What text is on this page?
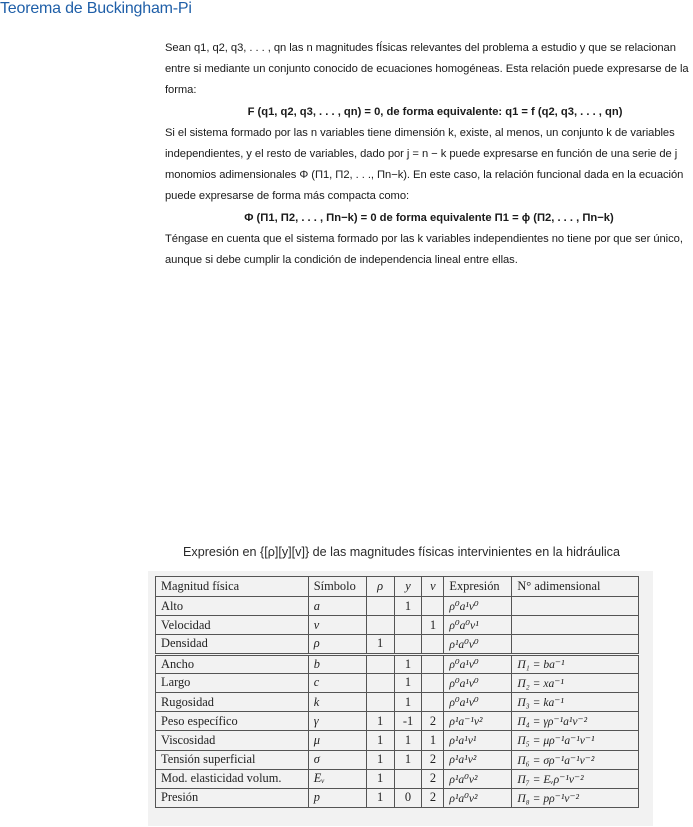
Teorema de Buckingham-Pi

Sean q1, q2, q3, . . . , qn las n magnitudes fÍsicas relevantes del problema a estudio y que se relacionan entre si mediante un conjunto conocido de ecuaciones homogéneas. Esta relación puede expresarse de la forma:

F (q1, q2, q3, . . . , qn) = 0, de forma equivalente: q1 = f (q2, q3, . . . , qn)

Si el sistema formado por las n variables tiene dimensión k, existe, al menos, un conjunto k de variables independientes, y el resto de variables, dado por j = n − k puede expresarse en función de una serie de j monomios adimensionales Φ (Π1, Π2, . . ., Πn−k). En este caso, la relación funcional dada en la ecuación puede expresarse de forma más compacta como:

Φ (Π1, Π2, . . . , Πn−k) = 0 de forma equivalente Π1 = ϕ (Π2, . . . , Πn−k)

Téngase en cuenta que el sistema formado por las k variables independientes no tiene por que ser único, aunque si debe cumplir la condición de independencia lineal entre ellas.

Expresión en {[ρ][y][v]} de las magnitudes físicas intervinientes en la hidráulica
Magnitud física	Símbolo	ρ	y	v	Expresión	N° adimensional
Alto	a		1		ρ⁰a¹v⁰	
Velocidad	v			1	ρ⁰a⁰v¹	
Densidad	ρ	1			ρ¹a⁰v⁰	
Ancho	b		1		ρ⁰a¹v⁰	Π₁ = ba⁻¹
Largo	c		1		ρ⁰a¹v⁰	Π₂ = xa⁻¹
Rugosidad	k		1		ρ⁰a¹v⁰	Π₃ = ka⁻¹
Peso específico	γ	1	-1	2	ρ¹a⁻¹v²	Π₄ = γρ⁻¹a¹v⁻²
Viscosidad	μ	1	1	1	ρ¹a¹v¹	Π₅ = μρ⁻¹a⁻¹v⁻¹
Tensión superficial	σ	1	1	2	ρ¹a¹v²	Π₆ = σρ⁻¹a⁻¹v⁻²
Mod. elasticidad volum.	Eᵥ	1		2	ρ¹a⁰v²	Π₇ = Eᵥρ⁻¹v⁻²
Presión	p	1	0	2	ρ¹a⁰v²	Π₈ = pρ⁻¹v⁻²
